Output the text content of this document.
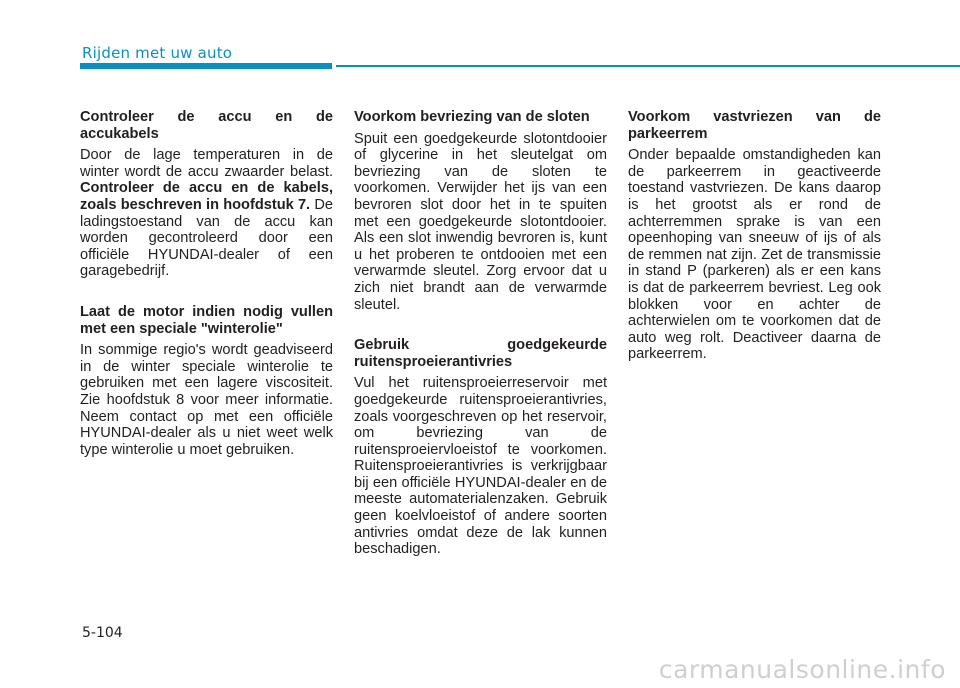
Rijden met uw auto
Controleer de accu en de accukabels
Door de lage temperaturen in de winter wordt de accu zwaarder belast. Controleer de accu en de kabels, zoals beschreven in hoofdstuk 7. De ladingstoestand van de accu kan worden gecontroleerd door een officiële HYUNDAI-dealer of een garagebedrijf.
Laat de motor indien nodig vullen met een speciale "winterolie"
In sommige regio's wordt geadviseerd in de winter speciale winterolie te gebruiken met een lagere viscositeit. Zie hoofdstuk 8 voor meer informatie. Neem contact op met een officiële HYUNDAI-dealer als u niet weet welk type winterolie u moet gebruiken.
Voorkom bevriezing van de sloten
Spuit een goedgekeurde slotontdooier of glycerine in het sleutelgat om bevriezing van de sloten te voorkomen. Verwijder het ijs van een bevroren slot door het in te spuiten met een goedgekeurde slotontdooier. Als een slot inwendig bevroren is, kunt u het proberen te ontdooien met een verwarmde sleutel. Zorg ervoor dat u zich niet brandt aan de verwarmde sleutel.
Gebruik goedgekeurde ruitensproeierantivries
Vul het ruitensproeierreservoir met goedgekeurde ruitensproeierantivries, zoals voorgeschreven op het reservoir, om bevriezing van de ruitensproeiervloeistof te voorkomen. Ruitensproeierantivries is verkrijgbaar bij een officiële HYUNDAI-dealer en de meeste automaterialenzaken. Gebruik geen koelvloeistof of andere soorten antivries omdat deze de lak kunnen beschadigen.
Voorkom vastvriezen van de parkeerrem
Onder bepaalde omstandigheden kan de parkeerrem in geactiveerde toestand vastvriezen. De kans daarop is het grootst als er rond de achterremmen sprake is van een opeenhoping van sneeuw of ijs of als de remmen nat zijn. Zet de transmissie in stand P (parkeren) als er een kans is dat de parkeerrem bevriest. Leg ook blokken voor en achter de achterwielen om te voorkomen dat de auto weg rolt. Deactiveer daarna de parkeerrem.
5-104
carmanualsonline.info
